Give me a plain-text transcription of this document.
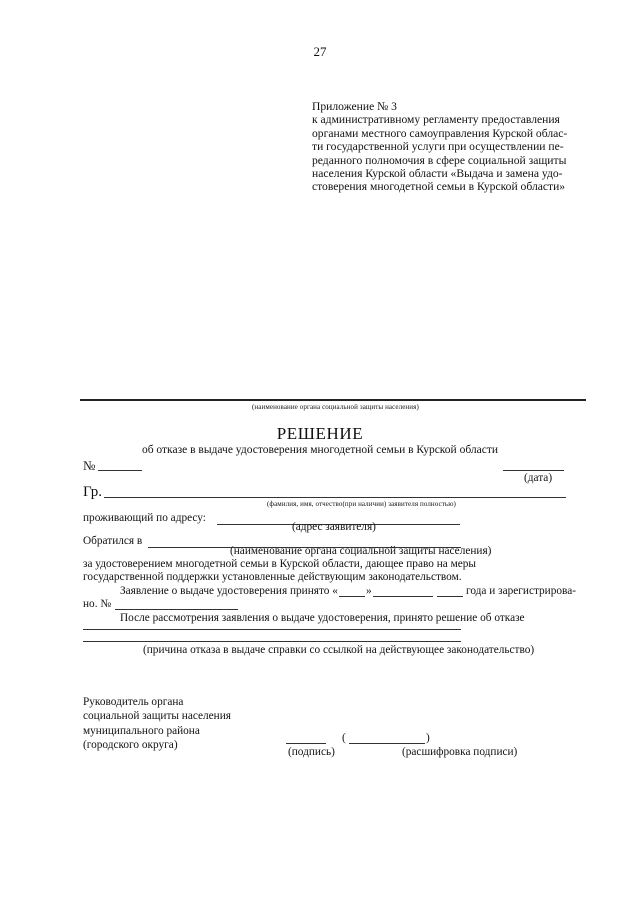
27
Приложение № 3
к административному регламенту предоставления
органами местного самоуправления Курской облас-
ти государственной услуги при осуществлении пе-
реданного полномочия в сфере социальной защиты
населения Курской области «Выдача и замена удо-
стоверения многодетной семьи в Курской области»
(наименование органа социальной защиты населения)
РЕШЕНИЕ
об отказе в выдаче удостоверения многодетной семьи в Курской области
№
(дата)
Гр.
(фамилия, имя, отчество(при наличии) заявителя полностью)
проживающий по адресу:
(адрес заявителя)
Обратился в
(наименование органа социальной защиты населения)
за удостоверением многодетной семьи в Курской области, дающее право на меры
государственной поддержки установленные действующим законодательством.
Заявление о выдаче удостоверения принято « »	года и зарегистрирова-
но. №
После рассмотрения заявления о выдаче удостоверения, принято решение об отказе
(причина отказа в выдаче справки со ссылкой на действующее законодательство)
Руководитель органа
социальной защиты населения
муниципального района
(городского округа)
(	)
(подпись)	(расшифровка подписи)
